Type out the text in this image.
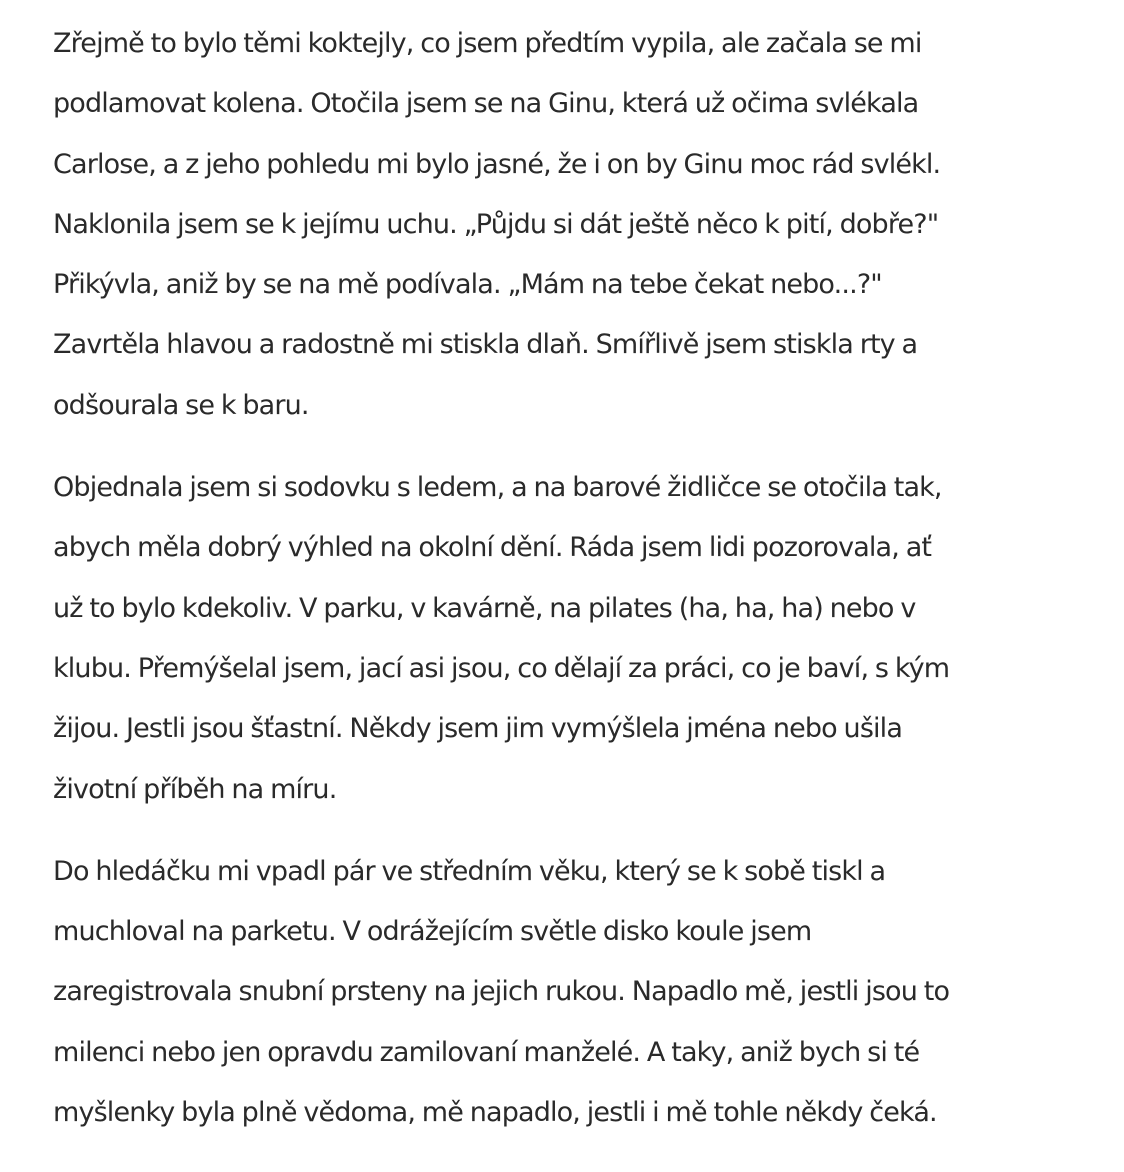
Zřejmě to bylo těmi koktejly, co jsem předtím vypila, ale začala se mi
podlamovat kolena. Otočila jsem se na Ginu, která už očima svlékala
Carlose, a z jeho pohledu mi bylo jasné, že i on by Ginu moc rád svlékl.
Naklonila jsem se k jejímu uchu. „Půjdu si dát ještě něco k pití, dobře?"
Přikývla, aniž by se na mě podívala. „Mám na tebe čekat nebo...?"
Zavrtěla hlavou a radostně mi stiskla dlaň. Smířlivě jsem stiskla rty a
odšourala se k baru.

Objednala jsem si sodovku s ledem, a na barové židličce se otočila tak,
abych měla dobrý výhled na okolní dění. Ráda jsem lidi pozorovala, ať
už to bylo kdekoliv. V parku, v kavárně, na pilates (ha, ha, ha) nebo v
klubu. Přemýšelal jsem, jací asi jsou, co dělají za práci, co je baví, s kým
žijou. Jestli jsou šťastní. Někdy jsem jim vymýšlela jména nebo ušila
životní příběh na míru.

Do hledáčku mi vpadl pár ve středním věku, který se k sobě tiskl a
muchloval na parketu. V odrážejícím světle disko koule jsem
zaregistrovala snubní prsteny na jejich rukou. Napadlo mě, jestli jsou to
milenci nebo jen opravdu zamilovaní manželé. A taky, aniž bych si té
myšlenky byla plně vědoma, mě napadlo, jestli i mě tohle někdy čeká.
